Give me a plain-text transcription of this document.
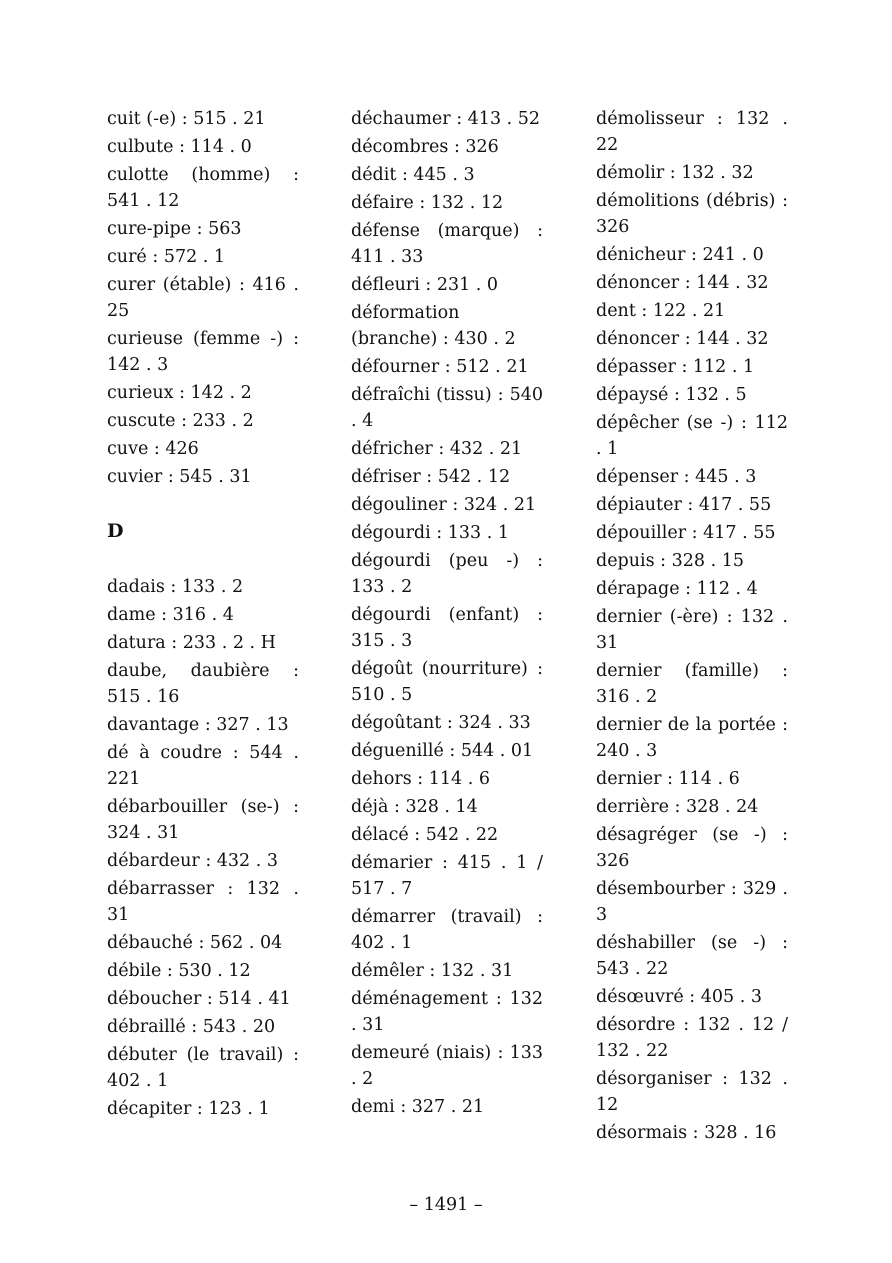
cuit (-e) : 515 . 21
culbute : 114 . 0
culotte (homme) : 541 . 12
cure-pipe : 563
curé : 572 . 1
curer (étable) : 416 . 25
curieuse (femme -) : 142 . 3
curieux : 142 . 2
cuscute : 233 . 2
cuve : 426
cuvier : 545 . 31
D
dadais : 133 . 2
dame : 316 . 4
datura : 233 . 2 . H
daube, daubière : 515 . 16
davantage : 327 . 13
dé à coudre : 544 . 221
débarbouiller (se-) : 324 . 31
débardeur : 432 . 3
débarrasser : 132 . 31
débauché : 562 . 04
débile : 530 . 12
déboucher : 514 . 41
débraillé : 543 . 20
débuter (le travail) : 402 . 1
décapiter : 123 . 1
déchaumer : 413 . 52
décombres : 326
dédit : 445 . 3
défaire : 132 . 12
défense (marque) : 411 . 33
défleuri : 231 . 0
déformation (branche) : 430 . 2
défourner : 512 . 21
défraîchi (tissu) : 540 . 4
défricher : 432 . 21
défriser : 542 . 12
dégouliner : 324 . 21
dégourdi : 133 . 1
dégourdi (peu -) : 133 . 2
dégourdi (enfant) : 315 . 3
dégoût (nourriture) : 510 . 5
dégoûtant : 324 . 33
déguenillé : 544 . 01
dehors : 114 . 6
déjà : 328 . 14
délacé : 542 . 22
démarier : 415 . 1 / 517 . 7
démarrer (travail) : 402 . 1
démêler : 132 . 31
déménagement : 132 . 31
demeuré (niais) : 133 . 2
demi : 327 . 21
démolisseur : 132 . 22
démolir : 132 . 32
démolitions (débris) : 326
dénicheur : 241 . 0
dénoncer : 144 . 32
dent : 122 . 21
dénoncer : 144 . 32
dépasser : 112 . 1
dépaysé : 132 . 5
dépêcher (se -) : 112 . 1
dépenser : 445 . 3
dépiauter : 417 . 55
dépouiller : 417 . 55
depuis : 328 . 15
dérapage : 112 . 4
dernier (-ère) : 132 . 31
dernier (famille) : 316 . 2
dernier de la portée : 240 . 3
dernier : 114 . 6
derrière : 328 . 24
désagréger (se -) : 326
désembourber : 329 . 3
déshabiller (se -) : 543 . 22
désœuvré : 405 . 3
désordre : 132 . 12 / 132 . 22
désorganiser : 132 . 12
désormais : 328 . 16
– 1491 –
